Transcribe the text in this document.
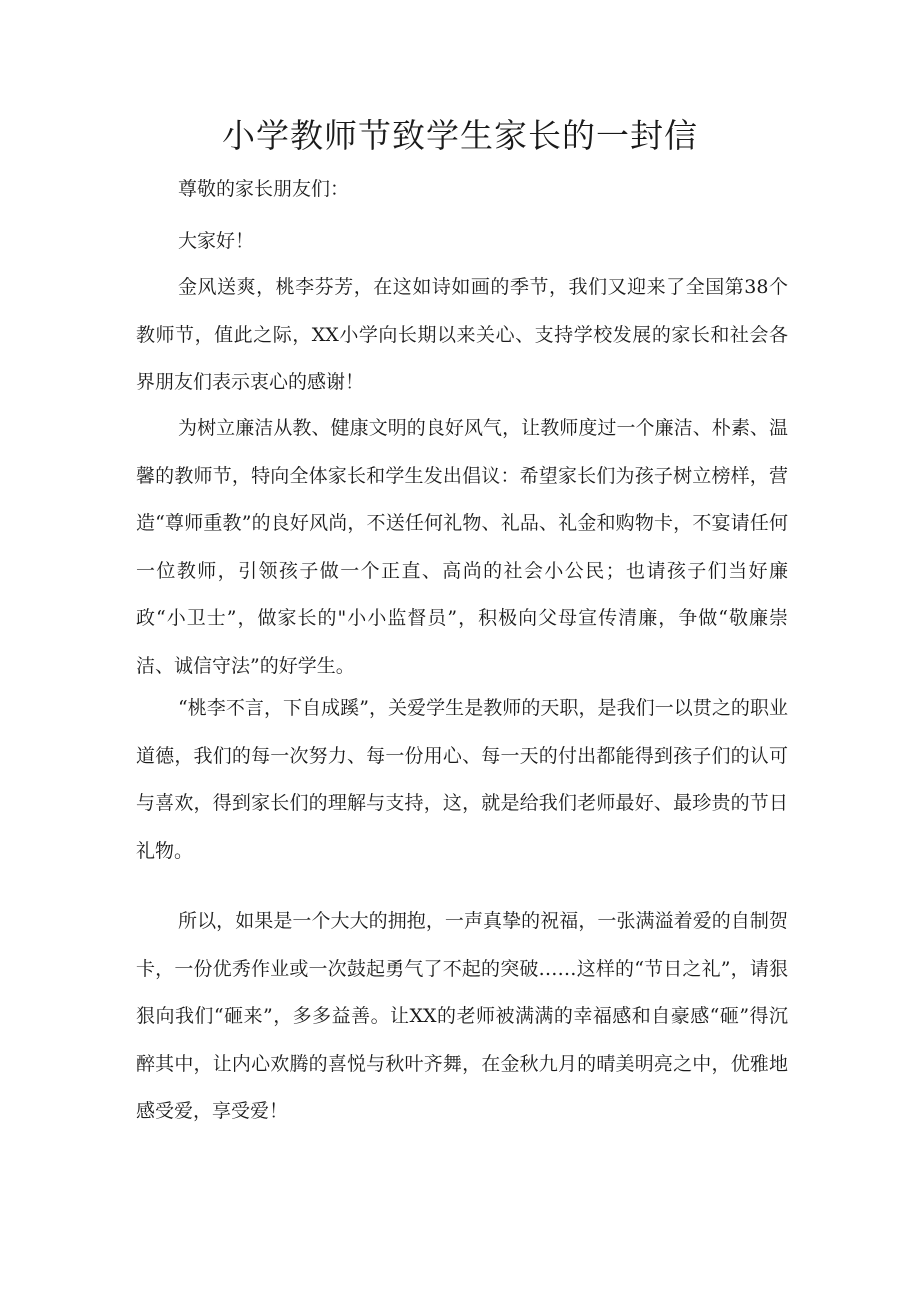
小学教师节致学生家长的一封信

尊敬的家长朋友们：

大家好！

金风送爽，桃李芬芳，在这如诗如画的季节，我们又迎来了全国第38个教师节，值此之际，XX小学向长期以来关心、支持学校发展的家长和社会各界朋友们表示衷心的感谢！

为树立廉洁从教、健康文明的良好风气，让教师度过一个廉洁、朴素、温馨的教师节，特向全体家长和学生发出倡议：希望家长们为孩子树立榜样，营造“尊师重教”的良好风尚，不送任何礼物、礼品、礼金和购物卡，不宴请任何一位教师，引领孩子做一个正直、高尚的社会小公民；也请孩子们当好廉政“小卫士”，做家长的"小小监督员”，积极向父母宣传清廉，争做“敬廉崇洁、诚信守法”的好学生。

“桃李不言，下自成蹊”，关爱学生是教师的天职，是我们一以贯之的职业道德，我们的每一次努力、每一份用心、每一天的付出都能得到孩子们的认可与喜欢，得到家长们的理解与支持，这，就是给我们老师最好、最珍贵的节日礼物。

所以，如果是一个大大的拥抱，一声真挚的祝福，一张满溢着爱的自制贺卡，一份优秀作业或一次鼓起勇气了不起的突破……这样的“节日之礼”，请狠狠向我们“砸来”，多多益善。让XX的老师被满满的幸福感和自豪感“砸”得沉醉其中，让内心欢腾的喜悦与秋叶齐舞，在金秋九月的晴美明亮之中，优雅地感受爱，享受爱！
